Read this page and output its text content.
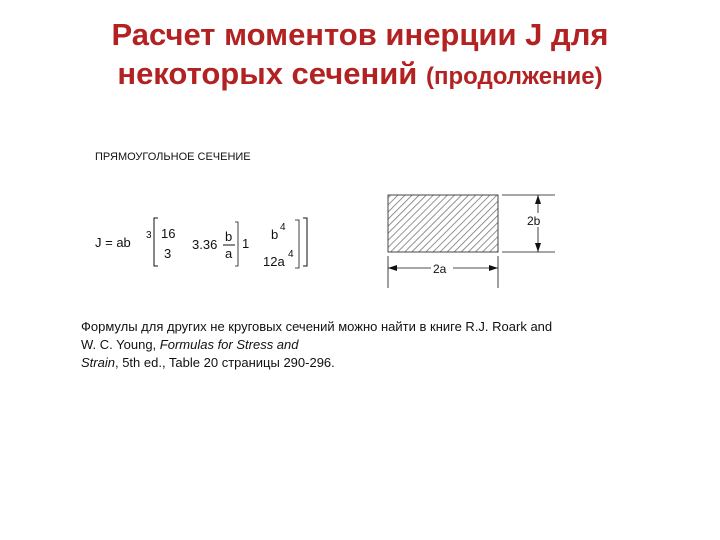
Расчет моментов инерции J для
некоторых сечений (продолжение)
ПРЯМОУГОЛЬНОЕ СЕЧЕНИЕ
J = ab 3 16
3
3.36
b
a
1
b 4
12a 4
2b
2a
Формулы для других не круговых сечений можно найти в книге R.J. Roark and W. C. Young, Formulas for Stress and
Strain, 5th ed., Table 20 страницы 290-296.
